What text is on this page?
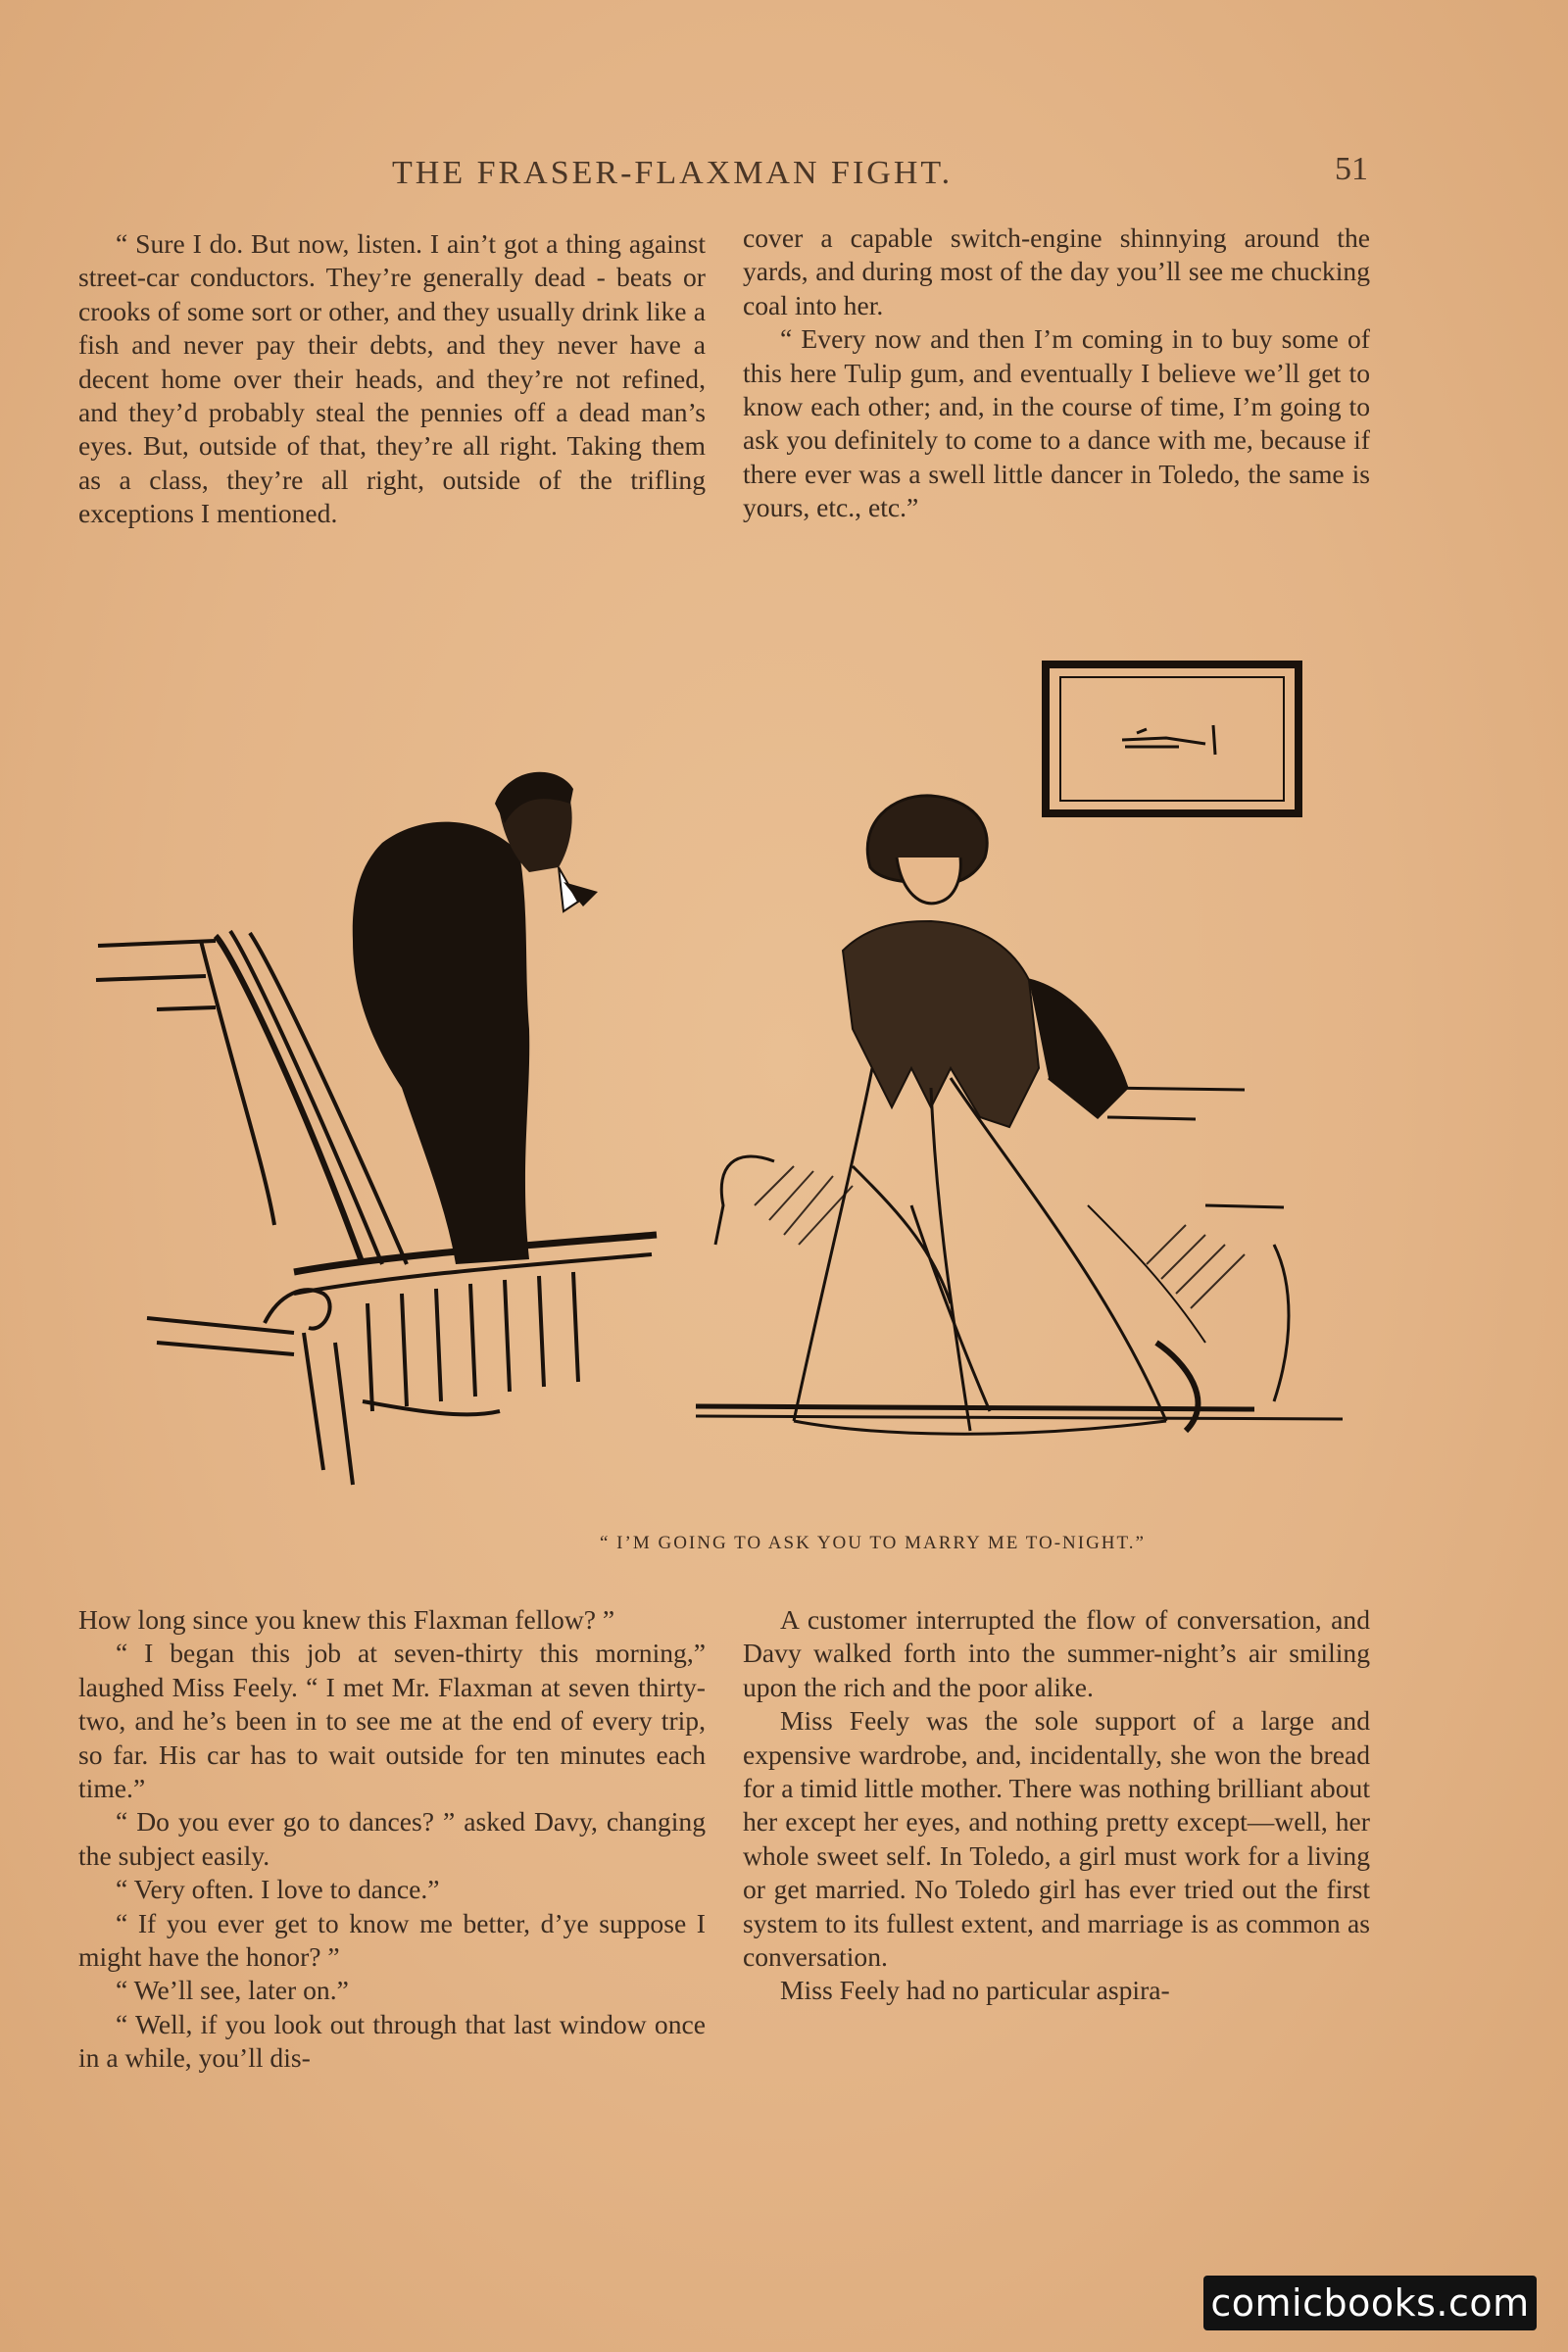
THE FRASER-FLAXMAN FIGHT.	51

“ Sure I do. But now, listen. I ain’t got a thing against street-car conductors. They’re generally dead - beats or crooks of some sort or other, and they usually drink like a fish and never pay their debts, and they never have a decent home over their heads, and they’re not refined, and they’d probably steal the pennies off a dead man’s eyes. But, outside of that, they’re all right. Taking them as a class, they’re all right, outside of the trifling exceptions I mentioned.

cover a capable switch-engine shinnying around the yards, and during most of the day you’ll see me chucking coal into her.

“ Every now and then I’m coming in to buy some of this here Tulip gum, and eventually I believe we’ll get to know each other; and, in the course of time, I’m going to ask you definitely to come to a dance with me, because if there ever was a swell little dancer in Toledo, the same is yours, etc., etc.”

“ I’M GOING TO ASK YOU TO MARRY ME TO-NIGHT.”

How long since you knew this Flaxman fellow? ”

“ I began this job at seven-thirty this morning,” laughed Miss Feely. “ I met Mr. Flaxman at seven thirty-two, and he’s been in to see me at the end of every trip, so far. His car has to wait outside for ten minutes each time.”

“ Do you ever go to dances? ” asked Davy, changing the subject easily.

“ Very often. I love to dance.”

“ If you ever get to know me better, d’ye suppose I might have the honor? ”

“ We’ll see, later on.”

“ Well, if you look out through that last window once in a while, you’ll dis-

A customer interrupted the flow of conversation, and Davy walked forth into the summer-night’s air smiling upon the rich and the poor alike.

Miss Feely was the sole support of a large and expensive wardrobe, and, incidentally, she won the bread for a timid little mother. There was nothing brilliant about her except her eyes, and nothing pretty except—well, her whole sweet self. In Toledo, a girl must work for a living or get married. No Toledo girl has ever tried out the first system to its fullest extent, and marriage is as common as conversation.

Miss Feely had no particular aspira-

comicbooks.com
